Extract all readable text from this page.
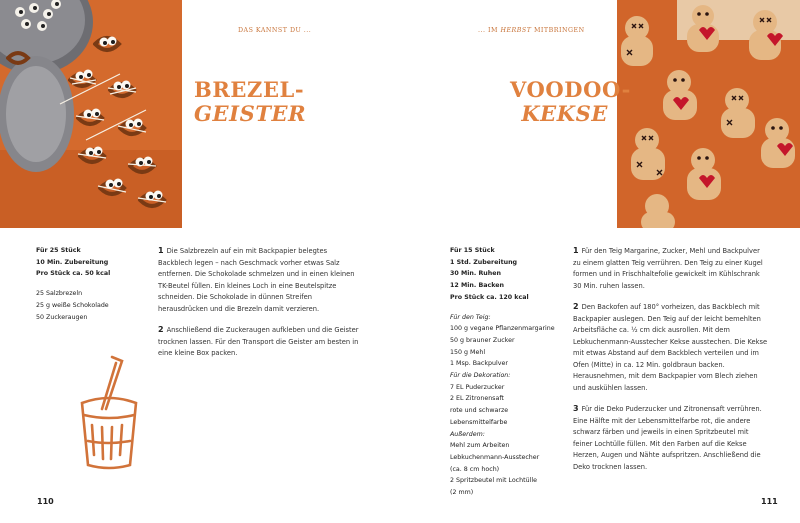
DAS KANNST DU ...	... IM HERBST MITBRINGEN
BREZEL-
GEISTER
VOODOO-
KEKSE
Für 25 Stück
10 Min. Zubereitung
Pro Stück ca. 50 kcal
25 Salzbrezeln
25 g weiße Schokolade
50 Zuckeraugen

1 Die Salzbrezeln auf ein mit Backpapier belegtes Backblech legen – nach Geschmack vorher etwas Salz entfernen. Die Schokolade schmelzen und in einen kleinen TK-Beutel füllen. Ein kleines Loch in eine Beutelspitze schneiden. Die Schokolade in dünnen Streifen herausdrücken und die Brezeln damit verzieren.

2 Anschließend die Zuckeraugen aufkleben und die Geister trocknen lassen. Für den Transport die Geister am besten in eine kleine Box packen.

Für 15 Stück
1 Std. Zubereitung
30 Min. Ruhen
12 Min. Backen
Pro Stück ca. 120 kcal
Für den Teig:
100 g vegane Pflanzenmargarine
50 g brauner Zucker
150 g Mehl
1 Msp. Backpulver
Für die Dekoration:
7 EL Puderzucker
2 EL Zitronensaft
rote und schwarze Lebensmittelfarbe
Außerdem:
Mehl zum Arbeiten
Lebkuchenmann-Ausstecher
(ca. 8 cm hoch)
2 Spritzbeutel mit Lochtülle
(2 mm)

1 Für den Teig Margarine, Zucker, Mehl und Backpulver zu einem glatten Teig verrühren. Den Teig zu einer Kugel formen und in Frischhaltefolie gewickelt im Kühlschrank 30 Min. ruhen lassen.

2 Den Backofen auf 180° vorheizen, das Backblech mit Backpapier auslegen. Den Teig auf der leicht bemehlten Arbeitsfläche ca. ½ cm dick ausrollen. Mit dem Lebkuchenmann-Ausstecher Kekse ausstechen. Die Kekse mit etwas Abstand auf dem Backblech verteilen und im Ofen (Mitte) in ca. 12 Min. goldbraun backen. Herausnehmen, mit dem Backpapier vom Blech ziehen und auskühlen lassen.

3 Für die Deko Puderzucker und Zitronensaft verrühren. Eine Hälfte mit der Lebensmittelfarbe rot, die andere schwarz färben und jeweils in einen Spritzbeutel mit feiner Lochtülle füllen. Mit den Farben auf die Kekse Herzen, Augen und Nähte aufspritzen. Anschließend die Deko trocknen lassen.

110	111
